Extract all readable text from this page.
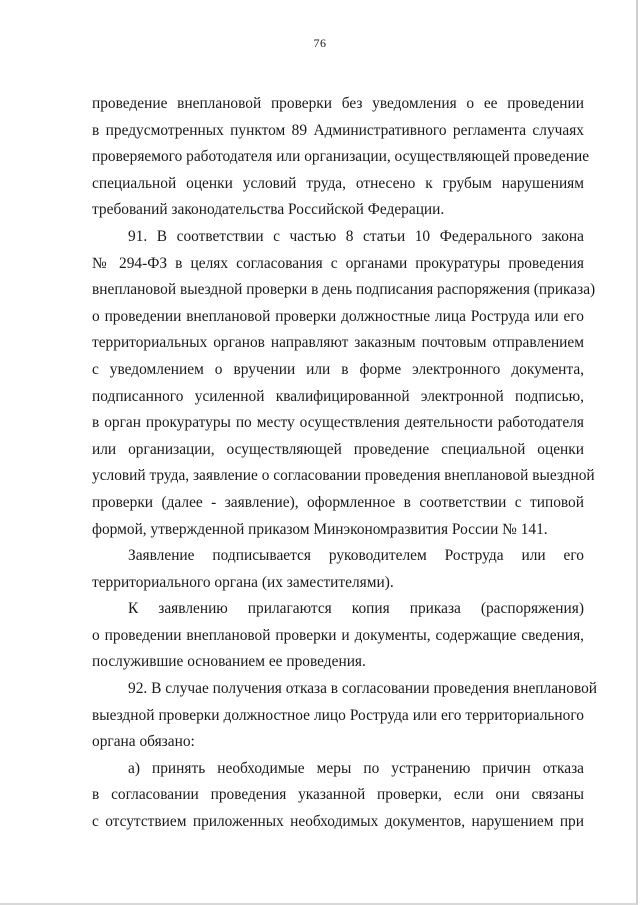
76
проведение внеплановой проверки без уведомления о ее проведении
в предусмотренных пунктом 89 Административного регламента случаях
проверяемого работодателя или организации, осуществляющей проведение
специальной оценки условий труда, отнесено к грубым нарушениям
требований законодательства Российской Федерации.
91. В соответствии с частью 8 статьи 10 Федерального закона
№ 294-ФЗ в целях согласования с органами прокуратуры проведения
внеплановой выездной проверки в день подписания распоряжения (приказа)
о проведении внеплановой проверки должностные лица Роструда или его
территориальных органов направляют заказным почтовым отправлением
с уведомлением о вручении или в форме электронного документа,
подписанного усиленной квалифицированной электронной подписью,
в орган прокуратуры по месту осуществления деятельности работодателя
или организации, осуществляющей проведение специальной оценки
условий труда, заявление о согласовании проведения внеплановой выездной
проверки (далее - заявление), оформленное в соответствии с типовой
формой, утвержденной приказом Минэкономразвития России № 141.
Заявление подписывается руководителем Роструда или его
территориального органа (их заместителями).
К заявлению прилагаются копия приказа (распоряжения)
о проведении внеплановой проверки и документы, содержащие сведения,
послужившие основанием ее проведения.
92. В случае получения отказа в согласовании проведения внеплановой
выездной проверки должностное лицо Роструда или его территориального
органа обязано:
а) принять необходимые меры по устранению причин отказа
в согласовании проведения указанной проверки, если они связаны
с отсутствием приложенных необходимых документов, нарушением при
